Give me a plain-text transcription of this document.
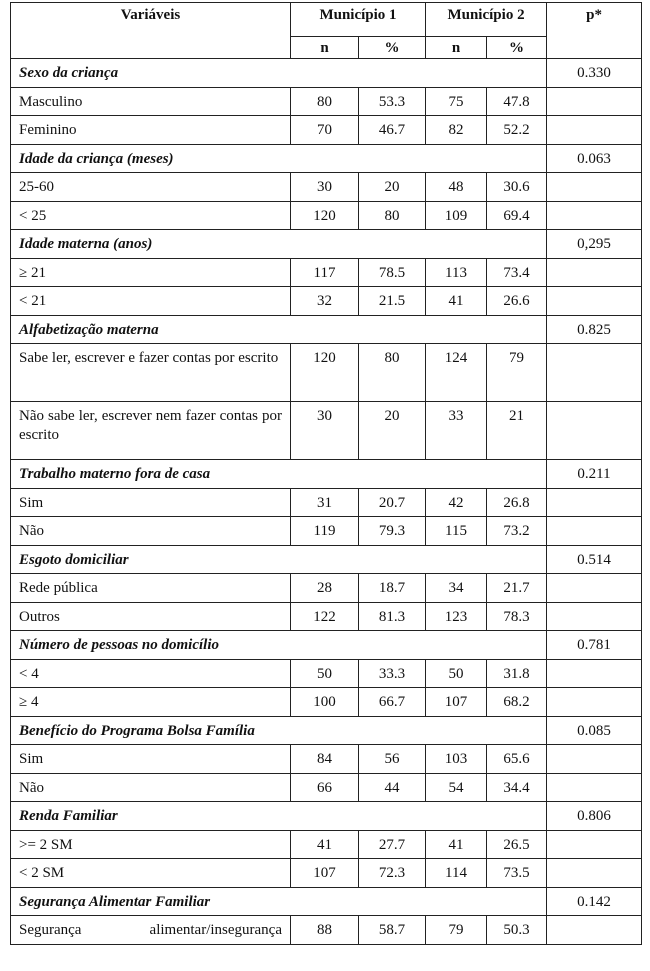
Variáveis	Município 1		Município 2		p*
	n	%	n	%	
Sexo da criança					0.330
Masculino	80	53.3	75	47.8	
Feminino	70	46.7	82	52.2	
Idade da criança (meses)					0.063
25-60	30	20	48	30.6	
< 25	120	80	109	69.4	
Idade materna (anos)					0,295
≥ 21	117	78.5	113	73.4	
< 21	32	21.5	41	26.6	
Alfabetização materna					0.825
Sabe ler, escrever e fazer contas por escrito	120	80	124	79	
Não sabe ler, escrever nem fazer contas por escrito	30	20	33	21	
Trabalho materno fora de casa					0.211
Sim	31	20.7	42	26.8	
Não	119	79.3	115	73.2	
Esgoto domiciliar					0.514
Rede pública	28	18.7	34	21.7	
Outros	122	81.3	123	78.3	
Número de pessoas no domicílio					0.781
< 4	50	33.3	50	31.8	
≥ 4	100	66.7	107	68.2	
Benefício do Programa Bolsa Família					0.085
Sim	84	56	103	65.6	
Não	66	44	54	34.4	
Renda Familiar					0.806
>= 2 SM	41	27.7	41	26.5	
< 2 SM	107	72.3	114	73.5	
Segurança Alimentar Familiar					0.142
Segurança alimentar/insegurança	88	58.7	79	50.3	
